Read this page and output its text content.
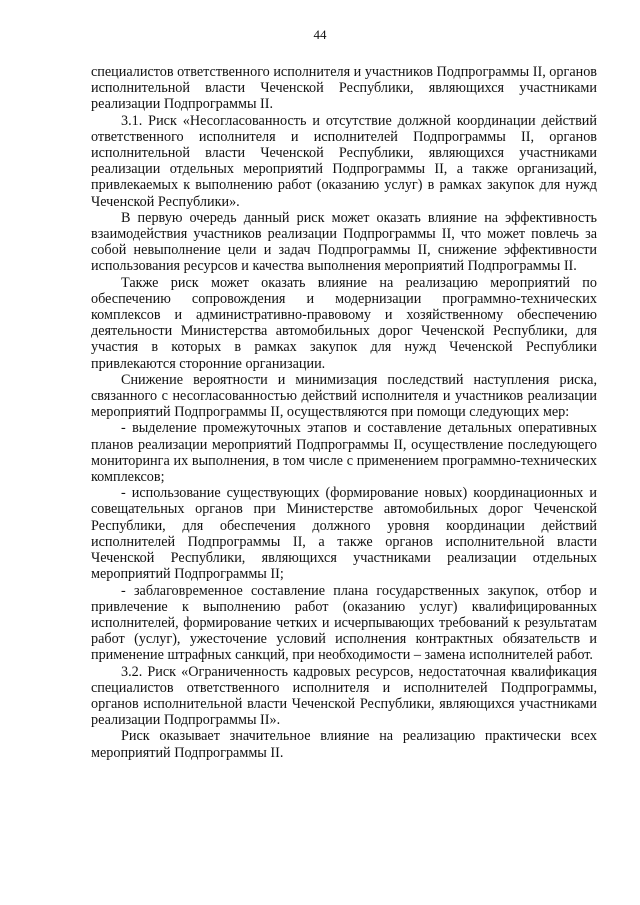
44

специалистов ответственного исполнителя и участников Подпрограммы II, органов исполнительной власти Чеченской Республики, являющихся участниками реализации Подпрограммы II.

3.1. Риск «Несогласованность и отсутствие должной координации действий ответственного исполнителя и исполнителей Подпрограммы II, органов исполнительной власти Чеченской Республики, являющихся участниками реализации отдельных мероприятий Подпрограммы II, а также организаций, привлекаемых к выполнению работ (оказанию услуг) в рамках закупок для нужд Чеченской Республики».

В первую очередь данный риск может оказать влияние на эффективность взаимодействия участников реализации Подпрограммы II, что может повлечь за собой невыполнение цели и задач Подпрограммы II, снижение эффективности использования ресурсов и качества выполнения мероприятий Подпрограммы II.

Также риск может оказать влияние на реализацию мероприятий по обеспечению сопровождения и модернизации программно-технических комплексов и административно-правовому и хозяйственному обеспечению деятельности Министерства автомобильных дорог Чеченской Республики, для участия в которых в рамках закупок для нужд Чеченской Республики привлекаются сторонние организации.

Снижение вероятности и минимизация последствий наступления риска, связанного с несогласованностью действий исполнителя и участников реализации мероприятий Подпрограммы II, осуществляются при помощи следующих мер:

- выделение промежуточных этапов и составление детальных оперативных планов реализации мероприятий Подпрограммы II, осуществление последующего мониторинга их выполнения, в том числе с применением программно-технических комплексов;

- использование существующих (формирование новых) координационных и совещательных органов при Министерстве автомобильных дорог Чеченской Республики, для обеспечения должного уровня координации действий исполнителей Подпрограммы II, а также органов исполнительной власти Чеченской Республики, являющихся участниками реализации отдельных мероприятий Подпрограммы II;

- заблаговременное составление плана государственных закупок, отбор и привлечение к выполнению работ (оказанию услуг) квалифицированных исполнителей, формирование четких и исчерпывающих требований к результатам работ (услуг), ужесточение условий исполнения контрактных обязательств и применение штрафных санкций, при необходимости – замена исполнителей работ.

3.2. Риск «Ограниченность кадровых ресурсов, недостаточная квалификация специалистов ответственного исполнителя и исполнителей Подпрограммы, органов исполнительной власти Чеченской Республики, являющихся участниками реализации Подпрограммы II».

Риск оказывает значительное влияние на реализацию практически всех мероприятий Подпрограммы II.
